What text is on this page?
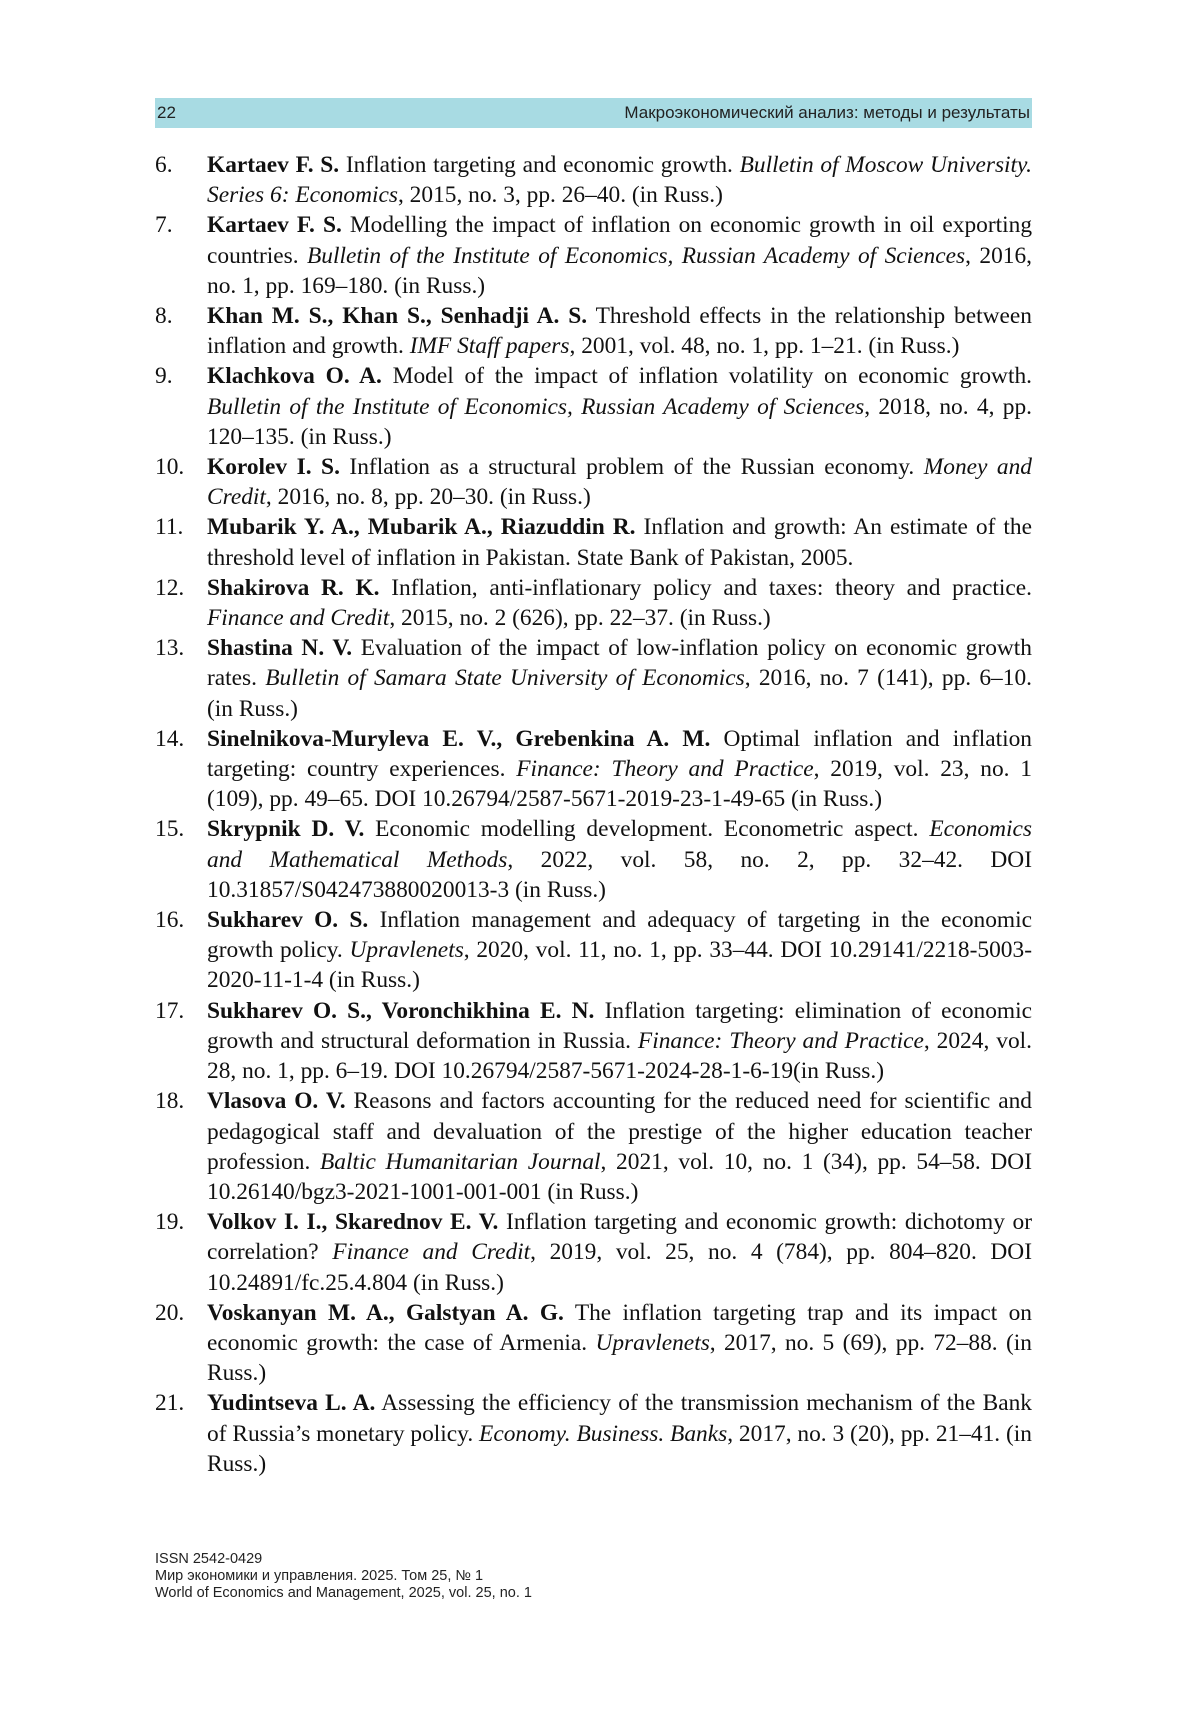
22	Макроэкономический анализ: методы и результаты
6.	Kartaev F. S. Inflation targeting and economic growth. Bulletin of Moscow University. Series 6: Economics, 2015, no. 3, pp. 26–40. (in Russ.)
7.	Kartaev F. S. Modelling the impact of inflation on economic growth in oil exporting countries. Bulletin of the Institute of Economics, Russian Academy of Sciences, 2016, no. 1, pp. 169–180. (in Russ.)
8.	Khan M. S., Khan S., Senhadji A. S. Threshold effects in the relationship between inflation and growth. IMF Staff papers, 2001, vol. 48, no. 1, pp. 1–21. (in Russ.)
9.	Klachkova O. A. Model of the impact of inflation volatility on economic growth. Bulletin of the Institute of Economics, Russian Academy of Sciences, 2018, no. 4, pp. 120–135. (in Russ.)
10. Korolev I. S. Inflation as a structural problem of the Russian economy. Money and Credit, 2016, no. 8, pp. 20–30. (in Russ.)
11.	Mubarik Y. A., Mubarik A., Riazuddin R. Inflation and growth: An estimate of the threshold level of inflation in Pakistan. State Bank of Pakistan, 2005.
12. Shakirova R. K. Inflation, anti-inflationary policy and taxes: theory and practice. Finance and Credit, 2015, no. 2 (626), pp. 22–37. (in Russ.)
13. Shastina N. V. Evaluation of the impact of low-inflation policy on economic growth rates. Bulletin of Samara State University of Economics, 2016, no. 7 (141), pp. 6–10. (in Russ.)
14. Sinelnikova-Muryleva E. V., Grebenkina A. M. Optimal inflation and inflation targeting: country experiences. Finance: Theory and Practice, 2019, vol. 23, no. 1 (109), pp. 49–65. DOI 10.26794/2587-5671-2019-23-1-49-65 (in Russ.)
15. Skrypnik D. V. Economic modelling development. Econometric aspect. Economics and Mathematical Methods, 2022, vol. 58, no. 2, pp. 32–42. DOI 10.31857/S042473880020013-3 (in Russ.)
16. Sukharev O. S. Inflation management and adequacy of targeting in the economic growth policy. Upravlenets, 2020, vol. 11, no. 1, pp. 33–44. DOI 10.29141/2218-5003-2020-11-1-4 (in Russ.)
17. Sukharev O. S., Voronchikhina E. N. Inflation targeting: elimination of economic growth and structural deformation in Russia. Finance: Theory and Practice, 2024, vol. 28, no. 1, pp. 6–19. DOI 10.26794/2587-5671-2024-28-1-6-19(in Russ.)
18. Vlasova O. V. Reasons and factors accounting for the reduced need for scientific and pedagogical staff and devaluation of the prestige of the higher education teacher profession. Baltic Humanitarian Journal, 2021, vol. 10, no. 1 (34), pp. 54–58. DOI 10.26140/bgz3-2021-1001-001-001 (in Russ.)
19. Volkov I. I., Skarednov E. V. Inflation targeting and economic growth: dichotomy or correlation? Finance and Credit, 2019, vol. 25, no. 4 (784), pp. 804–820. DOI 10.24891/fc.25.4.804 (in Russ.)
20. Voskanyan M. A., Galstyan A. G. The inflation targeting trap and its impact on economic growth: the case of Armenia. Upravlenets, 2017, no. 5 (69), pp. 72–88. (in Russ.)
21. Yudintseva L. A. Assessing the efficiency of the transmission mechanism of the Bank of Russia’s monetary policy. Economy. Business. Banks, 2017, no. 3 (20), pp. 21–41. (in Russ.)
ISSN 2542-0429
Мир экономики и управления. 2025. Том 25, № 1
World of Economics and Management, 2025, vol. 25, no. 1
